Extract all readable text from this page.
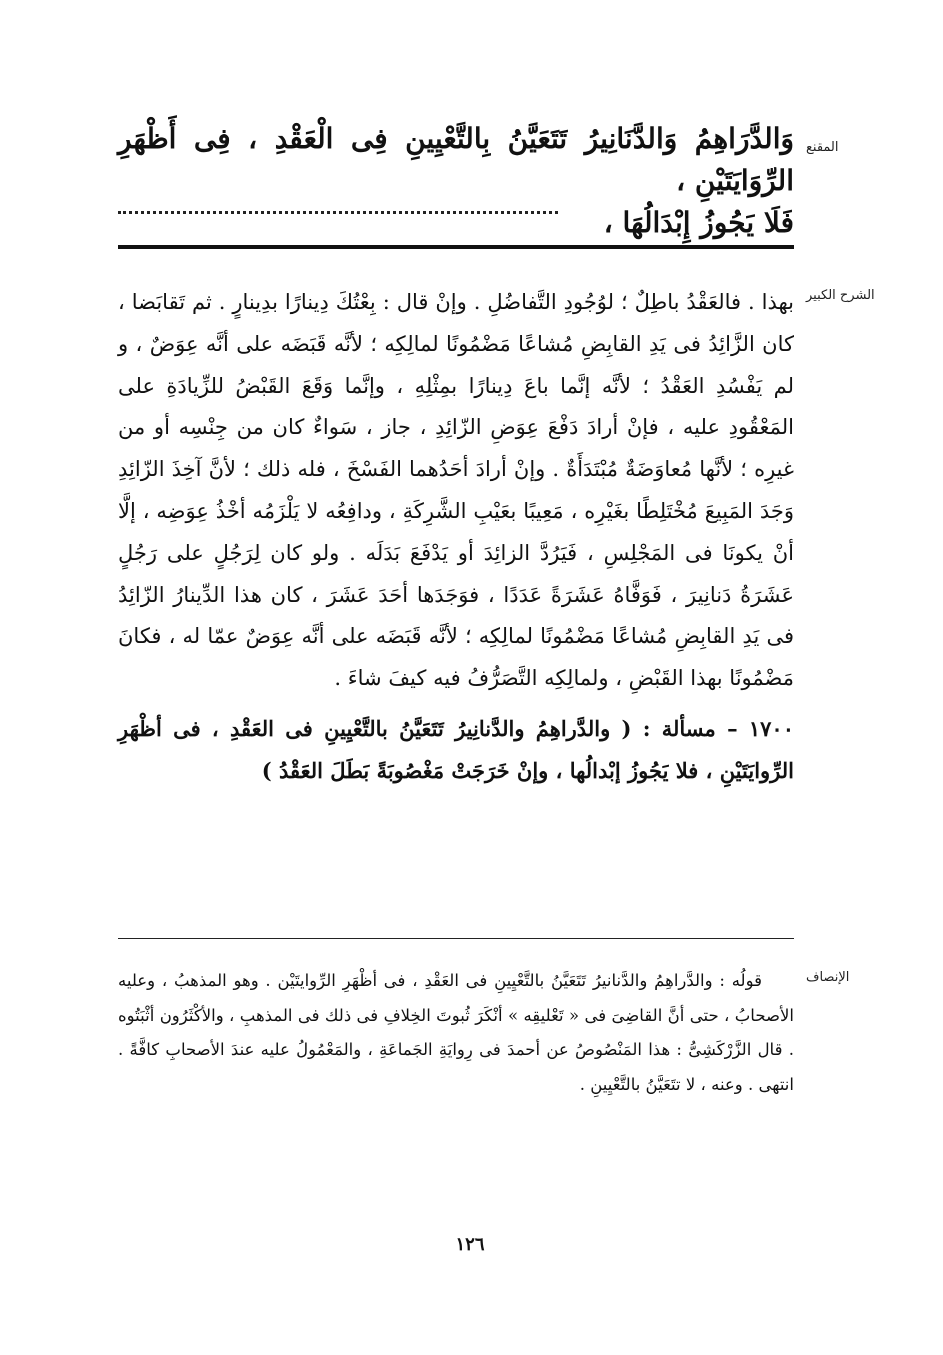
المقنع

وَالدَّرَاهِمُ وَالدَّنَانِيرُ تَتَعَيَّنُ بِالتَّعْيِينِ فِى الْعَقْدِ ، فِى أَظْهَرِ الرِّوَايَتَيْنِ ،

فَلَا يَجُوزُ إِبْدَالُهَا ،

الشرح الكبير

بهذا . فالعَقْدُ باطِلٌ ؛ لوُجُودِ التَّفاضُلِ . وإنْ قال : بِعْتُكَ دِينارًا بدِينارٍ . ثم تَقابَضا ، كان الزَّائِدُ فى يَدِ القابِضِ مُشاعًا مَضْمُونًا لمالِكِه ؛ لأنَّه قَبَضَه على أنَّه عِوَضٌ ، و لم يَفْسُدِ العَقْدُ ؛ لأنَّه إنَّما باعَ دِينارًا بمِثْلِهِ ، وإنَّما وَقَعَ القَبْضُ للزِّيادَةِ على المَعْقُودِ عليه ، فإنْ أرادَ دَفْعَ عِوَضِ الزّائِدِ ، جاز ، سَواءٌ كان من جِنْسِه أو من غيرِه ؛ لأنَّها مُعاوَضَةٌ مُبْتَدَأَةٌ . وإنْ أرادَ أحَدُهما الفَسْخَ ، فله ذلك ؛ لأنَّ آخِذَ الزّائِدِ وَجَدَ المَبِيعَ مُخْتَلِطًا بغَيْرِه ، مَعِيبًا بعَيْبِ الشَّرِكَةِ ، ودافِعُه لا يَلْزَمُه أخْذُ عِوَضِه ، إلَّا أنْ يكونَا فى المَجْلِسِ ، فَيَرُدَّ الزائِدَ أو يَدْفَعَ بَدَلَه . ولو كان لِرَجُلٍ على رَجُلٍ عَشَرَةُ دَنانِيرَ ، فَوَفَّاهُ عَشَرَةً عَدَدًا ، فوَجَدَها أحَدَ عَشَرَ ، كان هذا الدِّينارُ الزّائِدُ فى يَدِ القابِضِ مُشاعًا مَضْمُونًا لمالِكِه ؛ لأنَّه قَبَضَه على أنَّه عِوَضٌ عمّا له ، فكانَ مَضْمُونًا بهذا القَبْضِ ، ولمالِكِه التَّصَرُّفُ فيه كيفَ شاءَ .

١٧٠٠ – مسألة : ( والدَّراهِمُ والدَّنانِيرُ تَتَعَيَّنُ بالتَّعْيِينِ فى العَقْدِ ، فى أظْهَرِ الرِّوايَتَيْنِ ، فلا يَجُوزُ إبْدالُها ، وإنْ خَرَجَتْ مَغْصُوبَةً بَطَلَ العَقْدُ )

الإنصاف

قولُه : والدَّراهِمُ والدَّنانيرُ تَتَعَيَّنُ بالتَّعْيِينِ فى العَقْدِ ، فى أظْهَرِ الرِّوايتَيْن . وهو المذهبُ ، وعليه الأصحابُ ، حتى أنَّ القاضِىَ فى « تَعْليقِه » أنْكَرَ ثُبوتَ الخِلافِ فى ذلك فى المذهبِ ، والأكْثَرُون أثْبَتُوه . قال الزَّرْكَشِىُّ : هذا المَنْصُوصُ عن أحمدَ فى رِوايَةِ الجَماعَةِ ، والمَعْمُولُ عليه عندَ الأصحابِ كافَّةً . انتهى . وعنه ، لا تتَعَيَّنُ بالتَّعْيِينِ .

١٢٦
